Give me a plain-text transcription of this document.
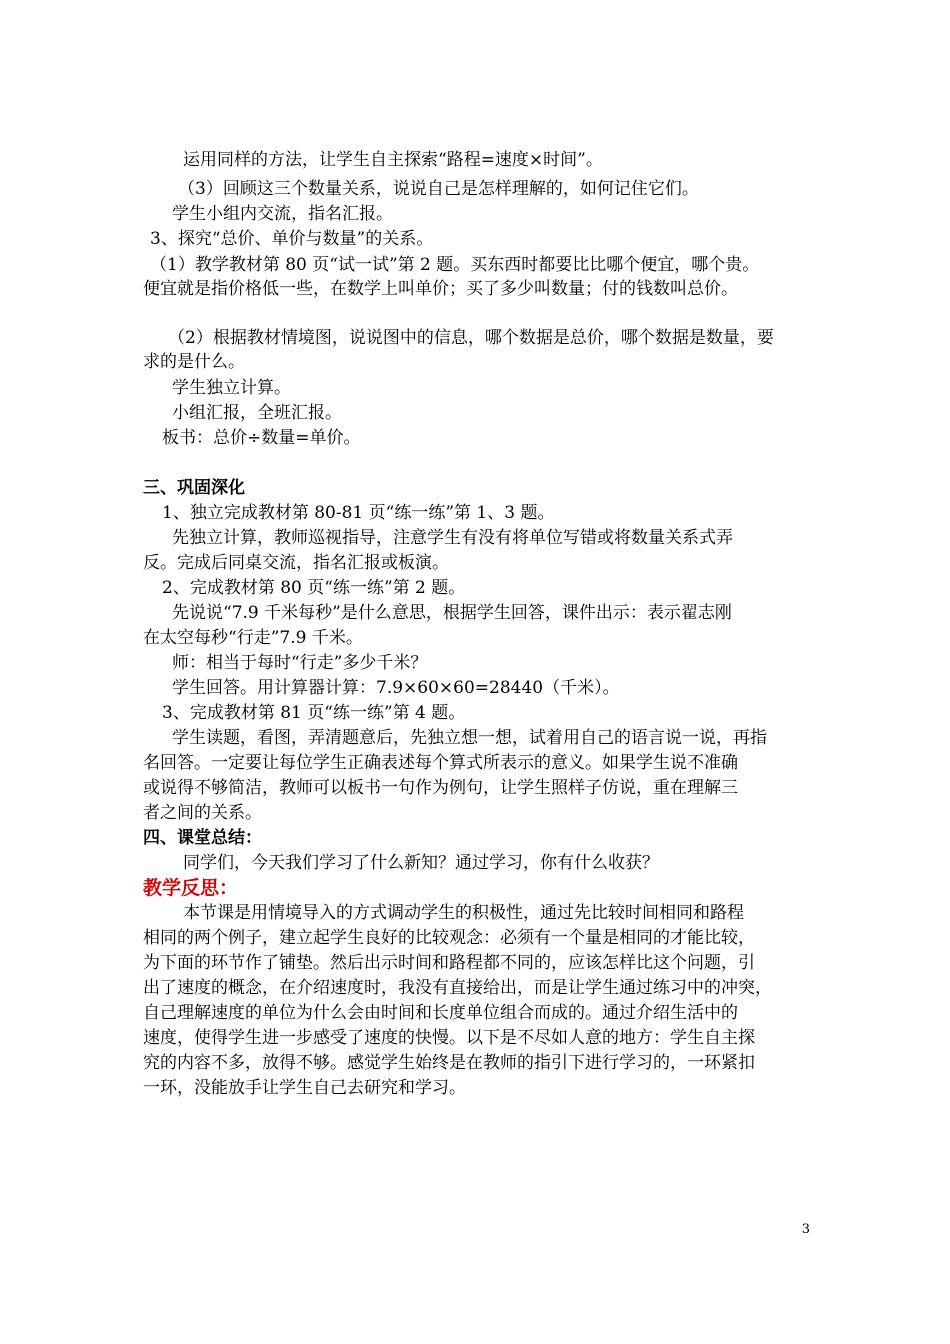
运用同样的方法，让学生自主探索“路程=速度×时间”。
（3）回顾这三个数量关系，说说自己是怎样理解的，如何记住它们。
学生小组内交流，指名汇报。
3、探究“总价、单价与数量”的关系。
（1）教学教材第 80 页“试一试”第 2 题。买东西时都要比比哪个便宜，哪个贵。
便宜就是指价格低一些，在数学上叫单价；买了多少叫数量；付的钱数叫总价。
（2）根据教材情境图，说说图中的信息，哪个数据是总价，哪个数据是数量，要
求的是什么。
学生独立计算。
小组汇报，全班汇报。
板书：总价÷数量=单价。
三、巩固深化
1、独立完成教材第 80-81 页“练一练”第 1、3 题。
先独立计算，教师巡视指导，注意学生有没有将单位写错或将数量关系式弄
反。完成后同桌交流，指名汇报或板演。
2、完成教材第 80 页“练一练”第 2 题。
先说说“7.9 千米每秒”是什么意思，根据学生回答，课件出示：表示翟志刚
在太空每秒“行走”7.9 千米。
师：相当于每时“行走”多少千米？
学生回答。用计算器计算：7.9×60×60=28440（千米）。
3、完成教材第 81 页“练一练”第 4 题。
学生读题，看图，弄清题意后，先独立想一想，试着用自己的语言说一说，再指
名回答。一定要让每位学生正确表述每个算式所表示的意义。如果学生说不准确
或说得不够简洁，教师可以板书一句作为例句，让学生照样子仿说，重在理解三
者之间的关系。
四、课堂总结：
同学们，今天我们学习了什么新知？通过学习，你有什么收获？
教学反思：
本节课是用情境导入的方式调动学生的积极性，通过先比较时间相同和路程
相同的两个例子，建立起学生良好的比较观念：必须有一个量是相同的才能比较，
为下面的环节作了铺垫。然后出示时间和路程都不同的，应该怎样比这个问题，引
出了速度的概念，在介绍速度时，我没有直接给出，而是让学生通过练习中的冲突，
自己理解速度的单位为什么会由时间和长度单位组合而成的。通过介绍生活中的
速度，使得学生进一步感受了速度的快慢。以下是不尽如人意的地方：学生自主探
究的内容不多，放得不够。感觉学生始终是在教师的指引下进行学习的，一环紧扣
一环，没能放手让学生自己去研究和学习。
3
